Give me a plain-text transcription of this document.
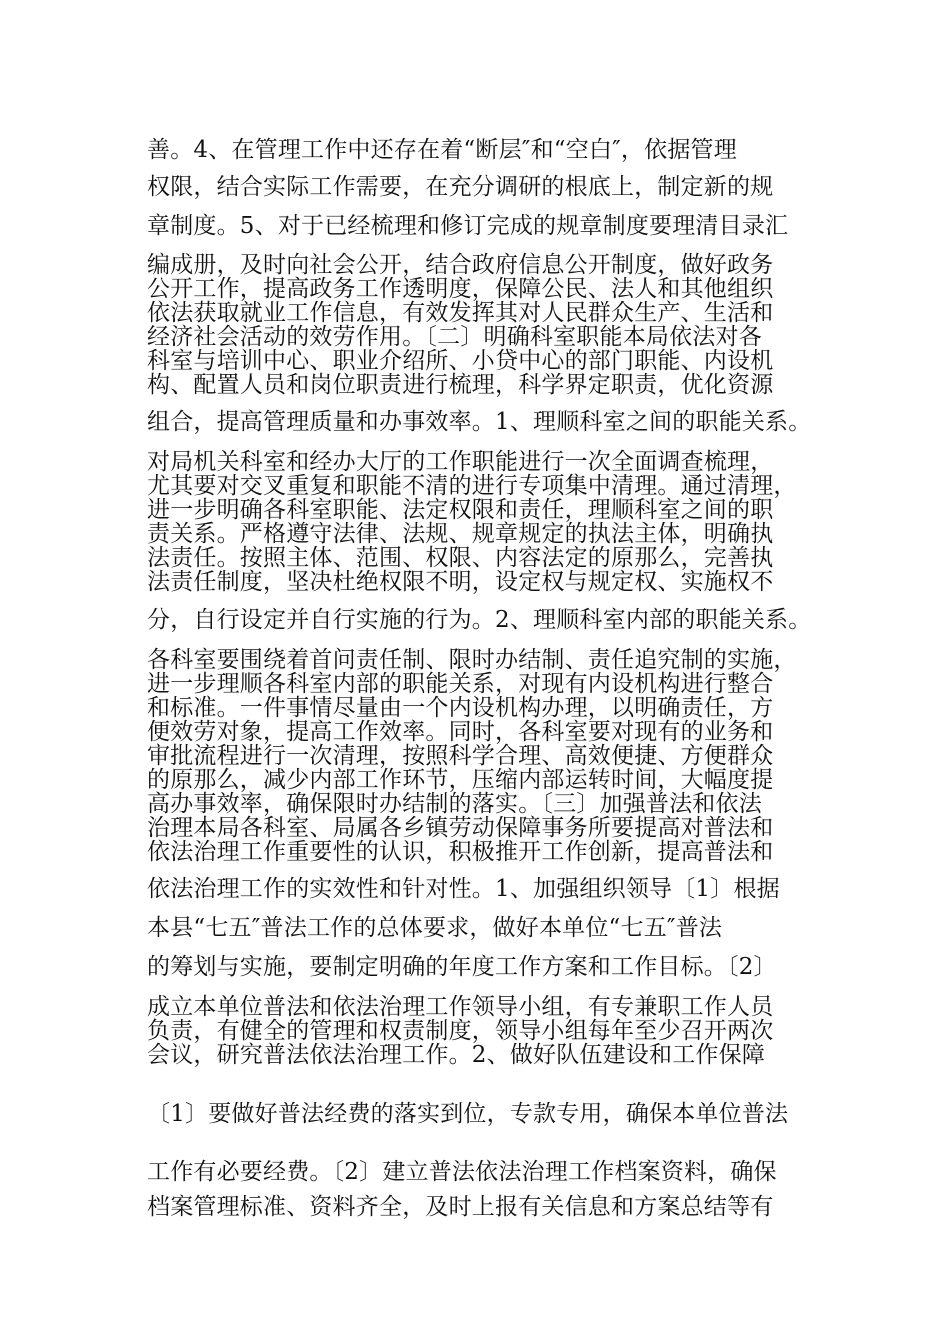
善。4、在管理工作中还存在着“断层″和“空白″，依据管理
权限，结合实际工作需要，在充分调研的根底上，制定新的规
章制度。5、对于已经梳理和修订完成的规章制度要理清目录汇
编成册，及时向社会公开，结合政府信息公开制度，做好政务
公开工作，提高政务工作透明度，保障公民、法人和其他组织
依法获取就业工作信息，有效发挥其对人民群众生产、生活和
经济社会活动的效劳作用。〔二〕明确科室职能本局依法对各
科室与培训中心、职业介绍所、小贷中心的部门职能、内设机
构、配置人员和岗位职责进行梳理，科学界定职责，优化资源
组合，提高管理质量和办事效率。1、理顺科室之间的职能关系。
对局机关科室和经办大厅的工作职能进行一次全面调查梳理，
尤其要对交叉重复和职能不清的进行专项集中清理。通过清理，
进一步明确各科室职能、法定权限和责任，理顺科室之间的职
责关系。严格遵守法律、法规、规章规定的执法主体，明确执
法责任。按照主体、范围、权限、内容法定的原那么，完善执
法责任制度，坚决杜绝权限不明，设定权与规定权、实施权不
分，自行设定并自行实施的行为。2、理顺科室内部的职能关系。
各科室要围绕着首问责任制、限时办结制、责任追究制的实施，
进一步理顺各科室内部的职能关系，对现有内设机构进行整合
和标准。一件事情尽量由一个内设机构办理，以明确责任，方
便效劳对象，提高工作效率。同时，各科室要对现有的业务和
审批流程进行一次清理，按照科学合理、高效便捷、方便群众
的原那么，减少内部工作环节，压缩内部运转时间，大幅度提
高办事效率，确保限时办结制的落实。〔三〕加强普法和依法
治理本局各科室、局属各乡镇劳动保障事务所要提高对普法和
依法治理工作重要性的认识，积极推开工作创新，提高普法和
依法治理工作的实效性和针对性。1、加强组织领导〔1〕根据
本县“七五″普法工作的总体要求，做好本单位“七五″普法
的筹划与实施，要制定明确的年度工作方案和工作目标。〔2〕
成立本单位普法和依法治理工作领导小组，有专兼职工作人员
负责，有健全的管理和权责制度，领导小组每年至少召开两次
会议，研究普法依法治理工作。2、做好队伍建设和工作保障
〔1〕要做好普法经费的落实到位，专款专用，确保本单位普法
工作有必要经费。〔2〕建立普法依法治理工作档案资料，确保
档案管理标准、资料齐全，及时上报有关信息和方案总结等有
